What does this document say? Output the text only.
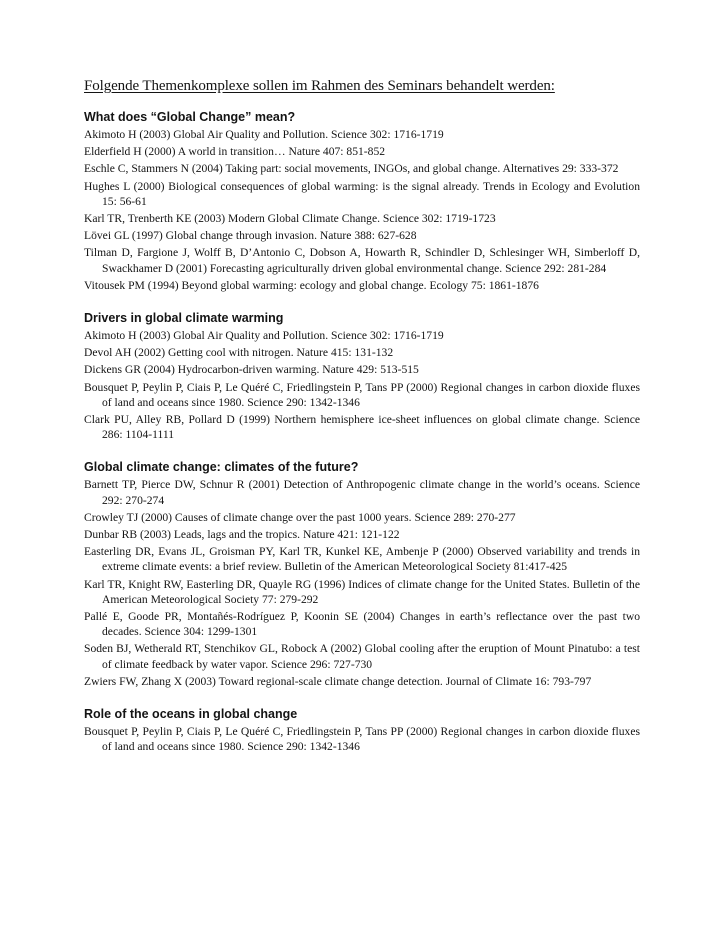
Folgende Themenkomplexe sollen im Rahmen des Seminars behandelt werden:
What does “Global Change” mean?
Akimoto H (2003) Global Air Quality and Pollution. Science 302: 1716-1719
Elderfield H (2000) A world in transition… Nature 407: 851-852
Eschle C, Stammers N (2004) Taking part: social movements, INGOs, and global change. Alternatives 29: 333-372
Hughes L (2000) Biological consequences of global warming: is the signal already. Trends in Ecology and Evolution 15: 56-61
Karl TR, Trenberth KE (2003) Modern Global Climate Change. Science 302: 1719-1723
Lövei GL (1997) Global change through invasion. Nature 388: 627-628
Tilman D, Fargione J, Wolff B, D’Antonio C, Dobson A, Howarth R, Schindler D, Schlesinger WH, Simberloff D, Swackhamer D (2001) Forecasting agriculturally driven global environmental change. Science 292: 281-284
Vitousek PM (1994) Beyond global warming: ecology and global change. Ecology 75: 1861-1876
Drivers in global climate warming
Akimoto H (2003) Global Air Quality and Pollution. Science 302: 1716-1719
Devol AH (2002) Getting cool with nitrogen. Nature 415: 131-132
Dickens GR (2004) Hydrocarbon-driven warming. Nature 429: 513-515
Bousquet P, Peylin P, Ciais P, Le Quéré C, Friedlingstein P, Tans PP (2000) Regional changes in carbon dioxide fluxes of land and oceans since 1980. Science 290: 1342-1346
Clark PU, Alley RB, Pollard D (1999) Northern hemisphere ice-sheet influences on global climate change. Science 286: 1104-1111
Global climate change: climates of the future?
Barnett TP, Pierce DW, Schnur R (2001) Detection of Anthropogenic climate change in the world’s oceans. Science 292: 270-274
Crowley TJ (2000) Causes of climate change over the past 1000 years. Science 289: 270-277
Dunbar RB (2003) Leads, lags and the tropics. Nature 421: 121-122
Easterling DR, Evans JL, Groisman PY, Karl TR, Kunkel KE, Ambenje P (2000) Observed variability and trends in extreme climate events: a brief review. Bulletin of the American Meteorological Society 81:417-425
Karl TR, Knight RW, Easterling DR, Quayle RG (1996) Indices of climate change for the United States. Bulletin of the American Meteorological Society 77: 279-292
Pallé E, Goode PR, Montañés-Rodríguez P, Koonin SE (2004) Changes in earth’s reflectance over the past two decades. Science 304: 1299-1301
Soden BJ, Wetherald RT, Stenchikov GL, Robock A (2002) Global cooling after the eruption of Mount Pinatubo: a test of climate feedback by water vapor. Science 296: 727-730
Zwiers FW, Zhang X (2003) Toward regional-scale climate change detection. Journal of Climate 16: 793-797
Role of the oceans in global change
Bousquet P, Peylin P, Ciais P, Le Quéré C, Friedlingstein P, Tans PP (2000) Regional changes in carbon dioxide fluxes of land and oceans since 1980. Science 290: 1342-1346
